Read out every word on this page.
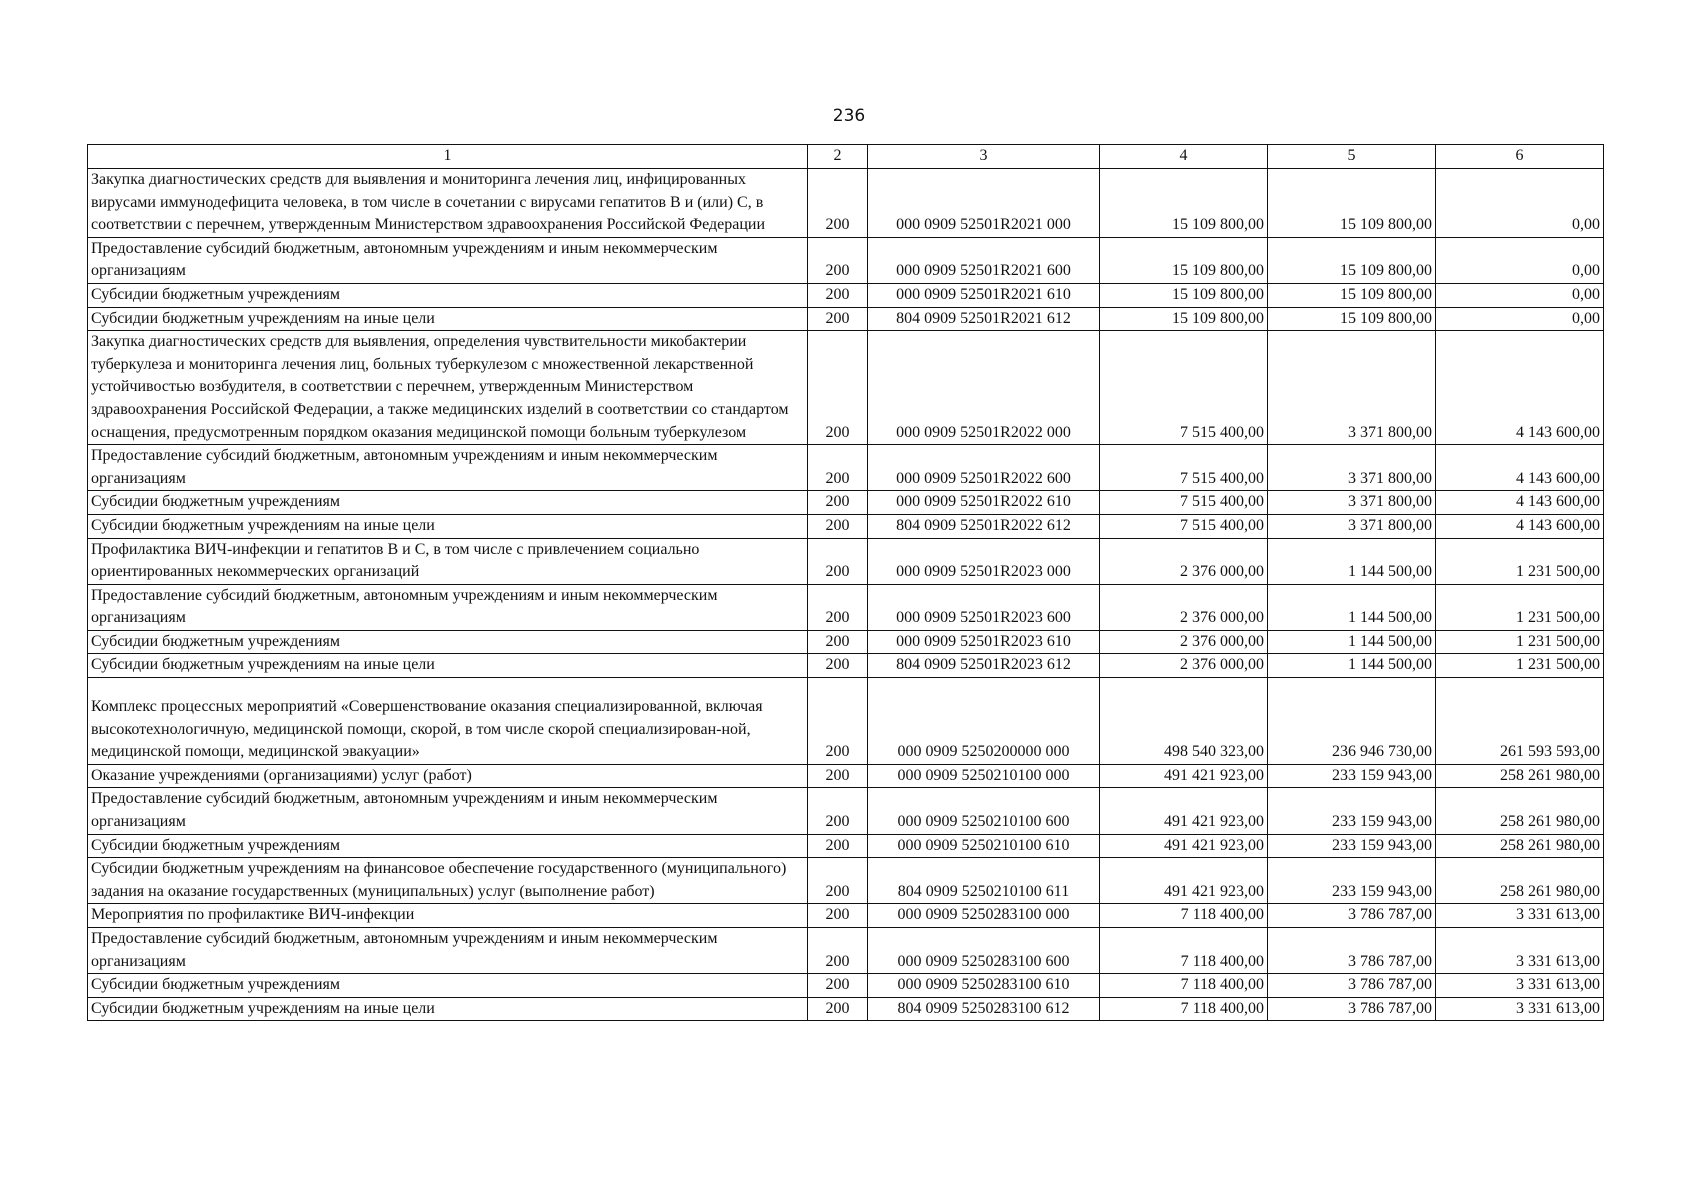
236
1	2	3	4	5	6
Закупка диагностических средств для выявления и мониторинга лечения лиц, инфицированных вирусами иммунодефицита человека, в том числе в сочетании с вирусами гепатитов В и (или) С, в соответствии с перечнем, утвержденным Министерством здравоохранения Российской Федерации	200	000 0909 52501R2021 000	15 109 800,00	15 109 800,00	0,00
Предоставление субсидий бюджетным, автономным учреждениям и иным некоммерческим организациям	200	000 0909 52501R2021 600	15 109 800,00	15 109 800,00	0,00
Субсидии бюджетным учреждениям	200	000 0909 52501R2021 610	15 109 800,00	15 109 800,00	0,00
Субсидии бюджетным учреждениям на иные цели	200	804 0909 52501R2021 612	15 109 800,00	15 109 800,00	0,00
Закупка диагностических средств для выявления, определения чувствительности микобактерии туберкулеза и мониторинга лечения лиц, больных туберкулезом с множественной лекарственной устойчивостью возбудителя, в соответствии с перечнем, утвержденным Министерством здравоохранения Российской Федерации, а также медицинских изделий в соответствии со стандартом оснащения, предусмотренным порядком оказания медицинской помощи больным туберкулезом	200	000 0909 52501R2022 000	7 515 400,00	3 371 800,00	4 143 600,00
Предоставление субсидий бюджетным, автономным учреждениям и иным некоммерческим организациям	200	000 0909 52501R2022 600	7 515 400,00	3 371 800,00	4 143 600,00
Субсидии бюджетным учреждениям	200	000 0909 52501R2022 610	7 515 400,00	3 371 800,00	4 143 600,00
Субсидии бюджетным учреждениям на иные цели	200	804 0909 52501R2022 612	7 515 400,00	3 371 800,00	4 143 600,00
Профилактика ВИЧ-инфекции и гепатитов В и С, в том числе с привлечением социально ориентированных некоммерческих организаций	200	000 0909 52501R2023 000	2 376 000,00	1 144 500,00	1 231 500,00
Предоставление субсидий бюджетным, автономным учреждениям и иным некоммерческим организациям	200	000 0909 52501R2023 600	2 376 000,00	1 144 500,00	1 231 500,00
Субсидии бюджетным учреждениям	200	000 0909 52501R2023 610	2 376 000,00	1 144 500,00	1 231 500,00
Субсидии бюджетным учреждениям на иные цели	200	804 0909 52501R2023 612	2 376 000,00	1 144 500,00	1 231 500,00
Комплекс процессных мероприятий «Совершенствование оказания специализированной, включая высокотехнологичную, медицинской помощи, скорой, в том числе скорой специализирован-ной, медицинской помощи, медицинской эвакуации»	200	000 0909 5250200000 000	498 540 323,00	236 946 730,00	261 593 593,00
Оказание учреждениями (организациями) услуг (работ)	200	000 0909 5250210100 000	491 421 923,00	233 159 943,00	258 261 980,00
Предоставление субсидий бюджетным, автономным учреждениям и иным некоммерческим организациям	200	000 0909 5250210100 600	491 421 923,00	233 159 943,00	258 261 980,00
Субсидии бюджетным учреждениям	200	000 0909 5250210100 610	491 421 923,00	233 159 943,00	258 261 980,00
Субсидии бюджетным учреждениям на финансовое обеспечение государственного (муниципального) задания на оказание государственных (муниципальных) услуг (выполнение работ)	200	804 0909 5250210100 611	491 421 923,00	233 159 943,00	258 261 980,00
Мероприятия по профилактике ВИЧ-инфекции	200	000 0909 5250283100 000	7 118 400,00	3 786 787,00	3 331 613,00
Предоставление субсидий бюджетным, автономным учреждениям и иным некоммерческим организациям	200	000 0909 5250283100 600	7 118 400,00	3 786 787,00	3 331 613,00
Субсидии бюджетным учреждениям	200	000 0909 5250283100 610	7 118 400,00	3 786 787,00	3 331 613,00
Субсидии бюджетным учреждениям на иные цели	200	804 0909 5250283100 612	7 118 400,00	3 786 787,00	3 331 613,00
